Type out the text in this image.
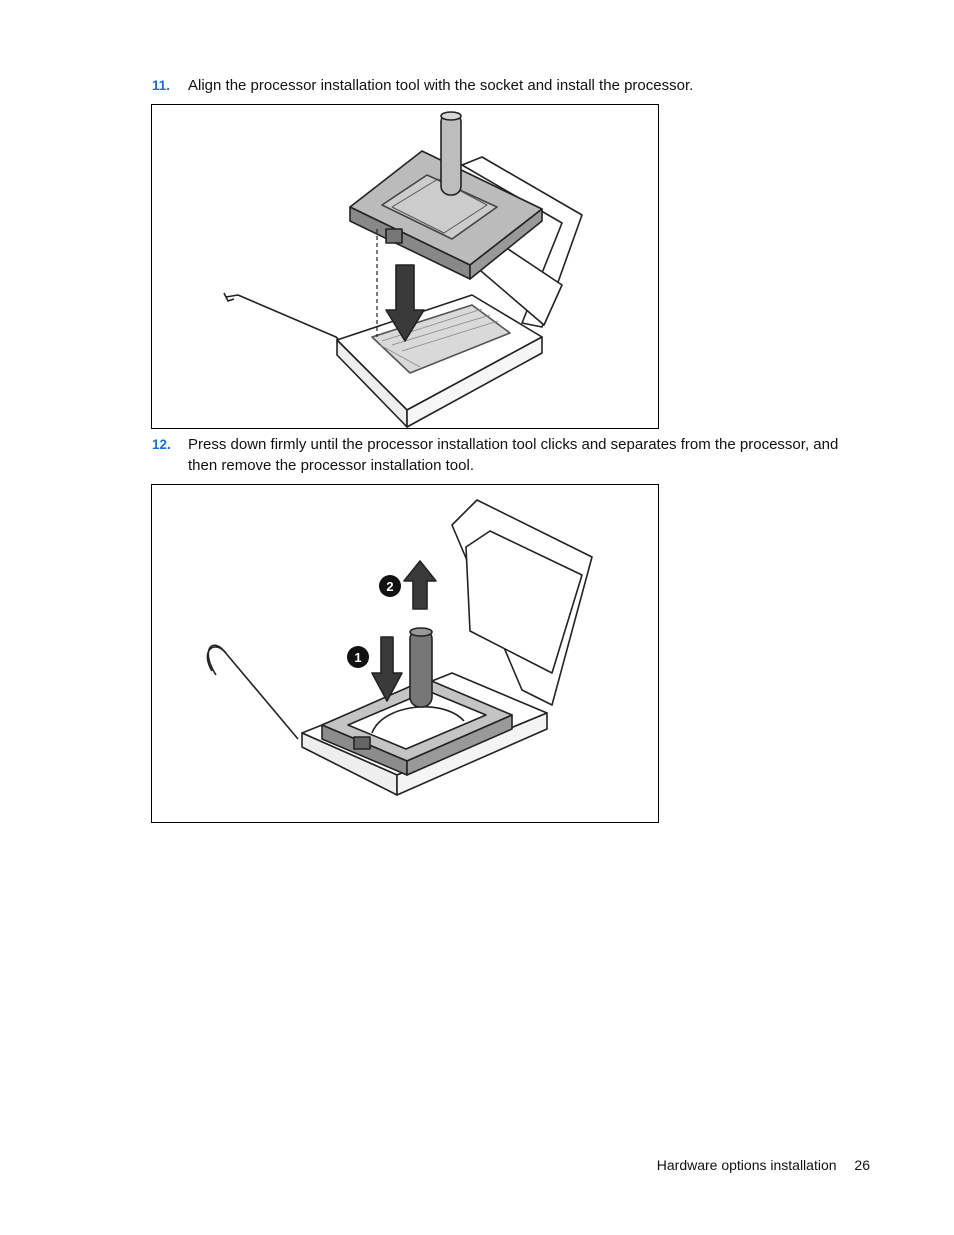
11. Align the processor installation tool with the socket and install the processor.
12. Press down firmly until the processor installation tool clicks and separates from the processor, and then remove the processor installation tool.
1
2
Hardware options installation 26
